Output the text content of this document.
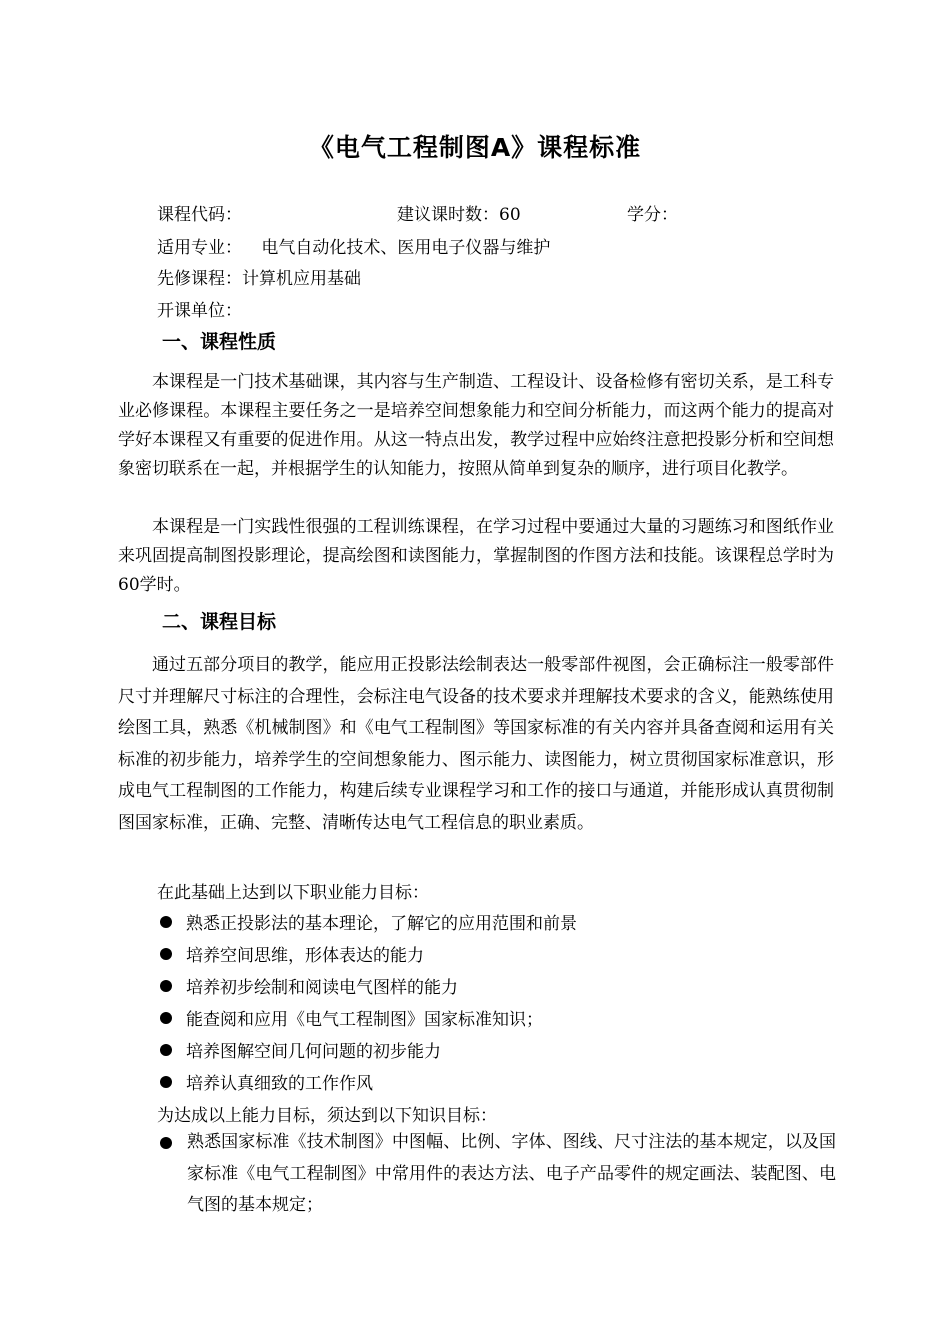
《电气工程制图A》课程标准
课程代码：	建议课时数：60	学分：
适用专业： 电气自动化技术、医用电子仪器与维护
先修课程：计算机应用基础
开课单位：
一、课程性质
本课程是一门技术基础课，其内容与生产制造、工程设计、设备检修有密切关系，是工科专业必修课程。本课程主要任务之一是培养空间想象能力和空间分析能力，而这两个能力的提高对学好本课程又有重要的促进作用。从这一特点出发，教学过程中应始终注意把投影分析和空间想象密切联系在一起，并根据学生的认知能力，按照从简单到复杂的顺序，进行项目化教学。
本课程是一门实践性很强的工程训练课程，在学习过程中要通过大量的习题练习和图纸作业来巩固提高制图投影理论，提高绘图和读图能力，掌握制图的作图方法和技能。该课程总学时为60学时。
二、课程目标
通过五部分项目的教学，能应用正投影法绘制表达一般零部件视图，会正确标注一般零部件尺寸并理解尺寸标注的合理性，会标注电气设备的技术要求并理解技术要求的含义，能熟练使用绘图工具，熟悉《机械制图》和《电气工程制图》等国家标准的有关内容并具备查阅和运用有关标准的初步能力，培养学生的空间想象能力、图示能力、读图能力，树立贯彻国家标准意识，形成电气工程制图的工作能力，构建后续专业课程学习和工作的接口与通道，并能形成认真贯彻制图国家标准，正确、完整、清晰传达电气工程信息的职业素质。
在此基础上达到以下职业能力目标：
熟悉正投影法的基本理论，了解它的应用范围和前景
培养空间思维，形体表达的能力
培养初步绘制和阅读电气图样的能力
能查阅和应用《电气工程制图》国家标准知识；
培养图解空间几何问题的初步能力
培养认真细致的工作作风
为达成以上能力目标，须达到以下知识目标：
熟悉国家标准《技术制图》中图幅、比例、字体、图线、尺寸注法的基本规定，以及国家标准《电气工程制图》中常用件的表达方法、电子产品零件的规定画法、装配图、电气图的基本规定；
